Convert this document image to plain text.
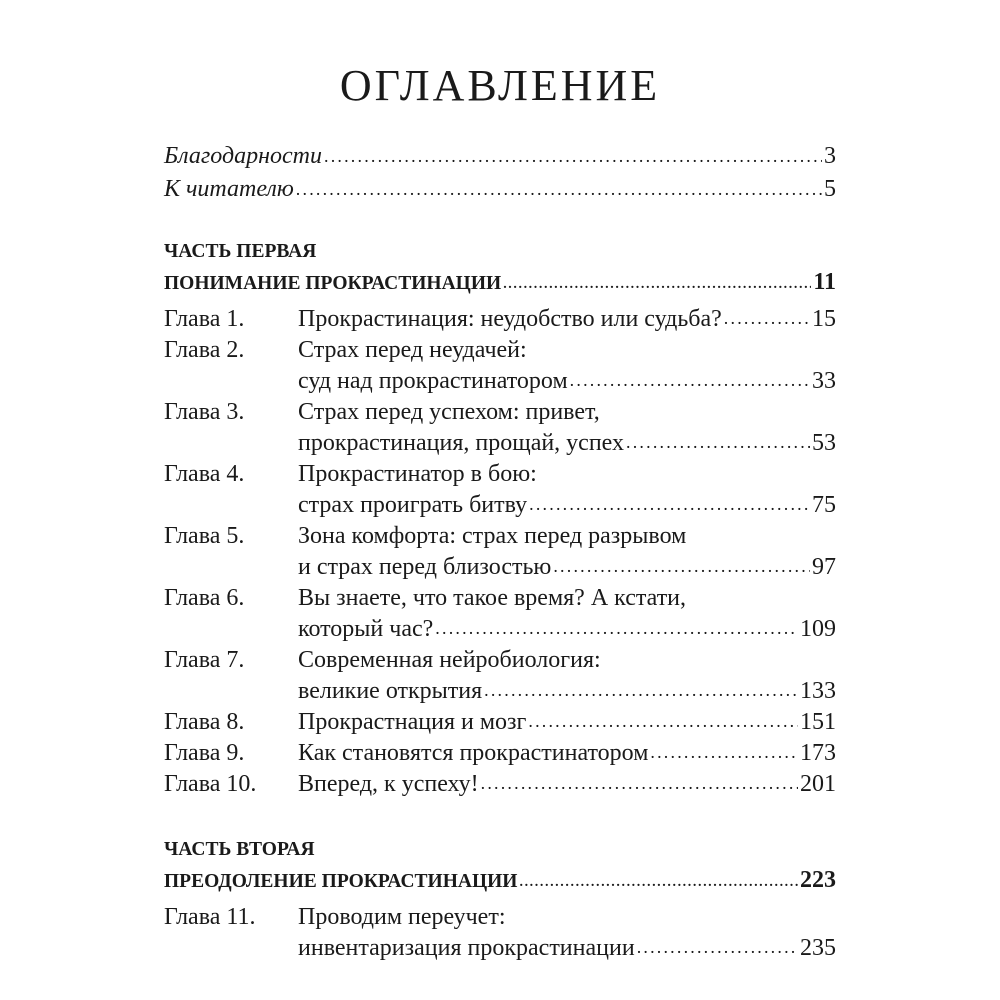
ОГЛАВЛЕНИЕ
Благодарности .....	3
К читателю .....	5
ЧАСТЬ ПЕРВАЯ
ПОНИМАНИЕ ПРОКРАСТИНАЦИИ .....	11
Глава 1.	Прокрастинация: неудобство или судьба? .....	15
Глава 2.	Страх перед неудачей:
суд над прокрастинатором .....	33
Глава 3.	Страх перед успехом: привет,
прокрастинация, прощай, успех .....	53
Глава 4.	Прокрастинатор в бою:
страх проиграть битву .....	75
Глава 5.	Зона комфорта: страх перед разрывом
и страх перед близостью .....	97
Глава 6.	Вы знаете, что такое время? А кстати,
который час? .....	109
Глава 7.	Современная нейробиология:
великие открытия .....	133
Глава 8.	Прокрастнация и мозг .....	151
Глава 9.	Как становятся прокрастинатором .....	173
Глава 10.	Вперед, к успеху! .....	201
ЧАСТЬ ВТОРАЯ
ПРЕОДОЛЕНИЕ ПРОКРАСТИНАЦИИ .....	223
Глава 11.	Проводим переучет:
инвентаризация прокрастинации .....	235
